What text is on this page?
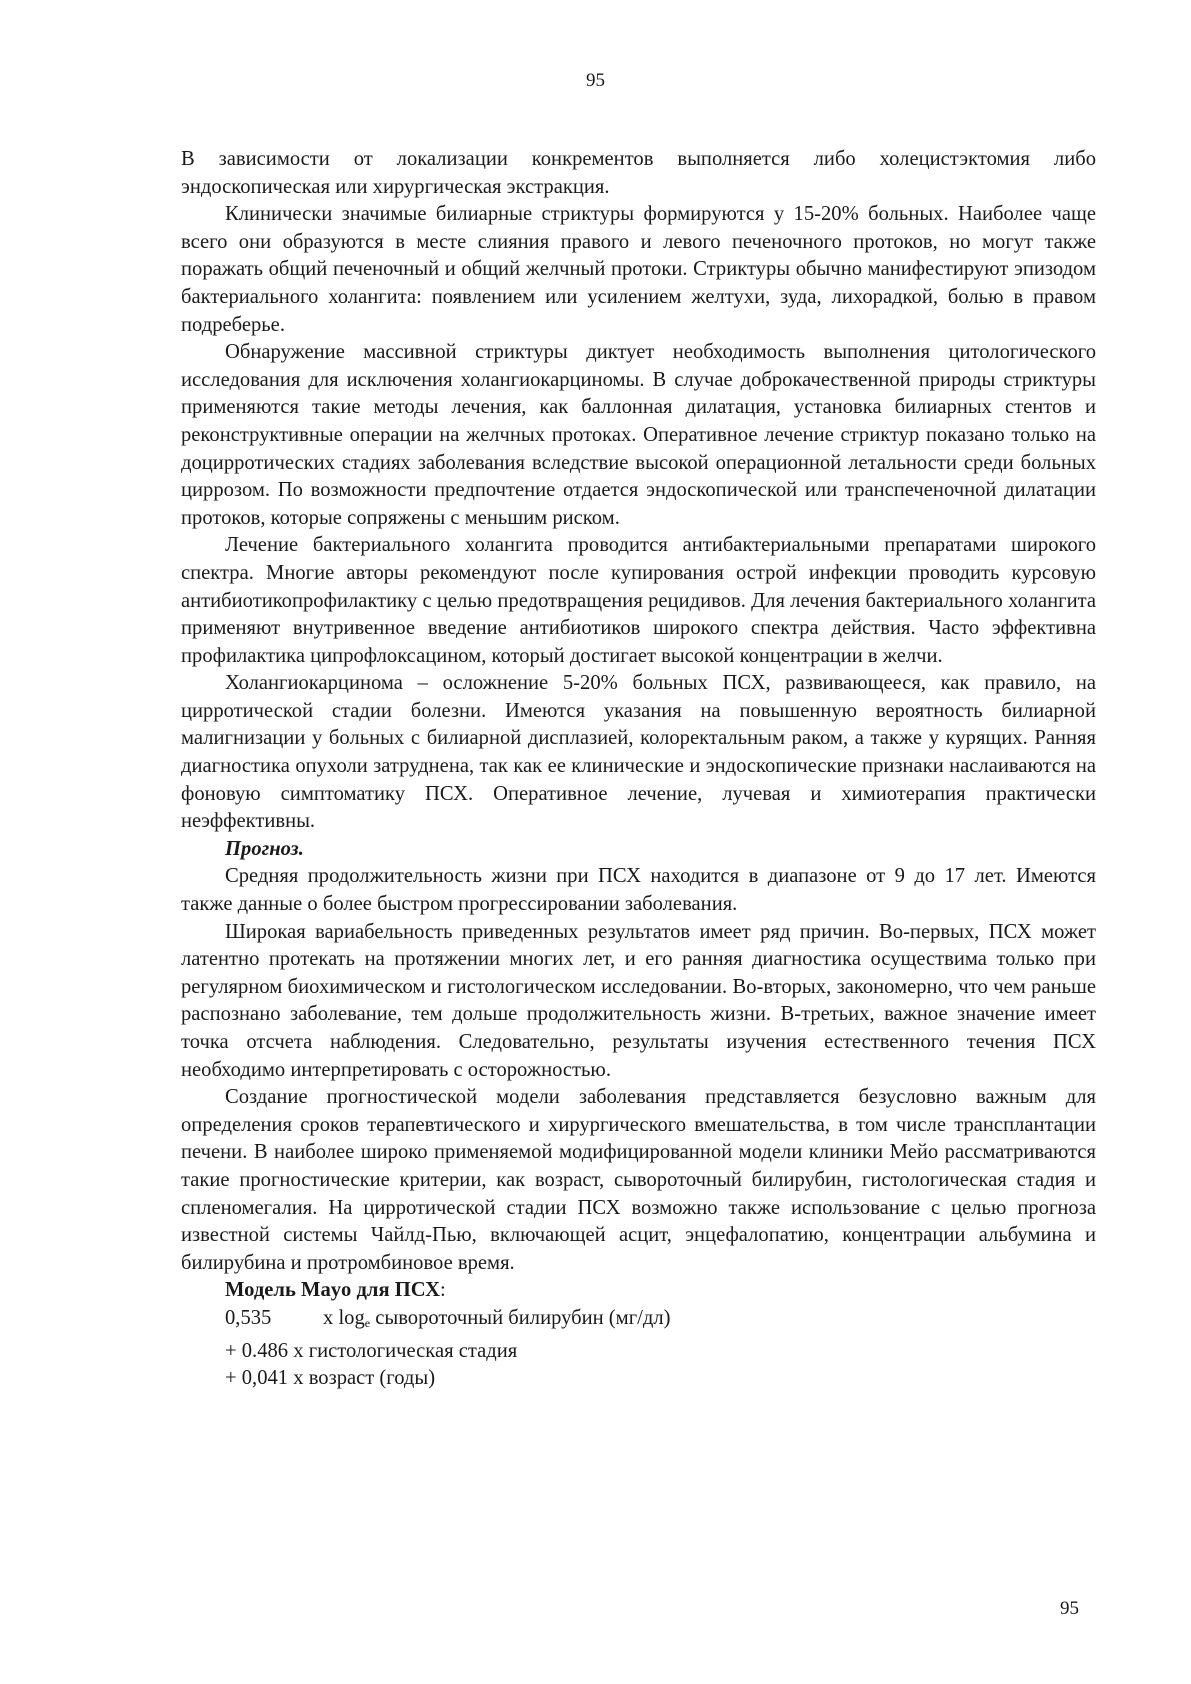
95

В зависимости от локализации конкрементов выполняется либо холецистэктомия либо эндоскопическая или хирургическая экстракция.

Клинически значимые билиарные стриктуры формируются у 15-20% больных. Наиболее чаще всего они образуются в месте слияния правого и левого печеночного протоков, но могут также поражать общий печеночный и общий желчный протоки. Стриктуры обычно манифестируют эпизодом бактериального холангита: появлением или усилением желтухи, зуда, лихорадкой, болью в правом подреберье.

Обнаружение массивной стриктуры диктует необходимость выполнения цитологического исследования для исключения холангиокарциномы. В случае доброкачественной природы стриктуры применяются такие методы лечения, как баллонная дилатация, установка билиарных стентов и реконструктивные операции на желчных протоках. Оперативное лечение стриктур показано только на доцирротических стадиях заболевания вследствие высокой операционной летальности среди больных циррозом. По возможности предпочтение отдается эндоскопической или транспеченочной дилатации протоков, которые сопряжены с меньшим риском.

Лечение бактериального холангита проводится антибактериальными препаратами широкого спектра. Многие авторы рекомендуют после купирования острой инфекции проводить курсовую антибиотикопрофилактику с целью предотвращения рецидивов. Для лечения бактериального холангита применяют внутривенное введение антибиотиков широкого спектра действия. Часто эффективна профилактика ципрофлоксацином, который достигает высокой концентрации в желчи.

Холангиокарцинома – осложнение 5-20% больных ПСХ, развивающееся, как правило, на цирротической стадии болезни. Имеются указания на повышенную вероятность билиарной малигнизации у больных с билиарной дисплазией, колоректальным раком, а также у курящих. Ранняя диагностика опухоли затруднена, так как ее клинические и эндоскопические признаки наслаиваются на фоновую симптоматику ПСХ. Оперативное лечение, лучевая и химиотерапия практически неэффективны.

Прогноз.

Средняя продолжительность жизни при ПСХ находится в диапазоне от 9 до 17 лет. Имеются также данные о более быстром прогрессировании заболевания.

Широкая вариабельность приведенных результатов имеет ряд причин. Во-первых, ПСХ может латентно протекать на протяжении многих лет, и его ранняя диагностика осуществима только при регулярном биохимическом и гистологическом исследовании. Во-вторых, закономерно, что чем раньше распознано заболевание, тем дольше продолжительность жизни. В-третьих, важное значение имеет точка отсчета наблюдения. Следовательно, результаты изучения естественного течения ПСХ необходимо интерпретировать с осторожностью.

Создание прогностической модели заболевания представляется безусловно важным для определения сроков терапевтического и хирургического вмешательства, в том числе трансплантации печени. В наиболее широко применяемой модифицированной модели клиники Мейо рассматриваются такие прогностические критерии, как возраст, сывороточный билирубин, гистологическая стадия и спленомегалия. На цирротической стадии ПСХ возможно также использование с целью прогноза известной системы Чайлд-Пью, включающей асцит, энцефалопатию, концентрации альбумина и билирубина и протромбиновое время.

Модель Mayo для ПСХ:

0,535	x $\log_e$ сывороточный билирубин (мг/дл)

+ 0.486 x гистологическая стадия

+ 0,041 x возраст (годы)

95
